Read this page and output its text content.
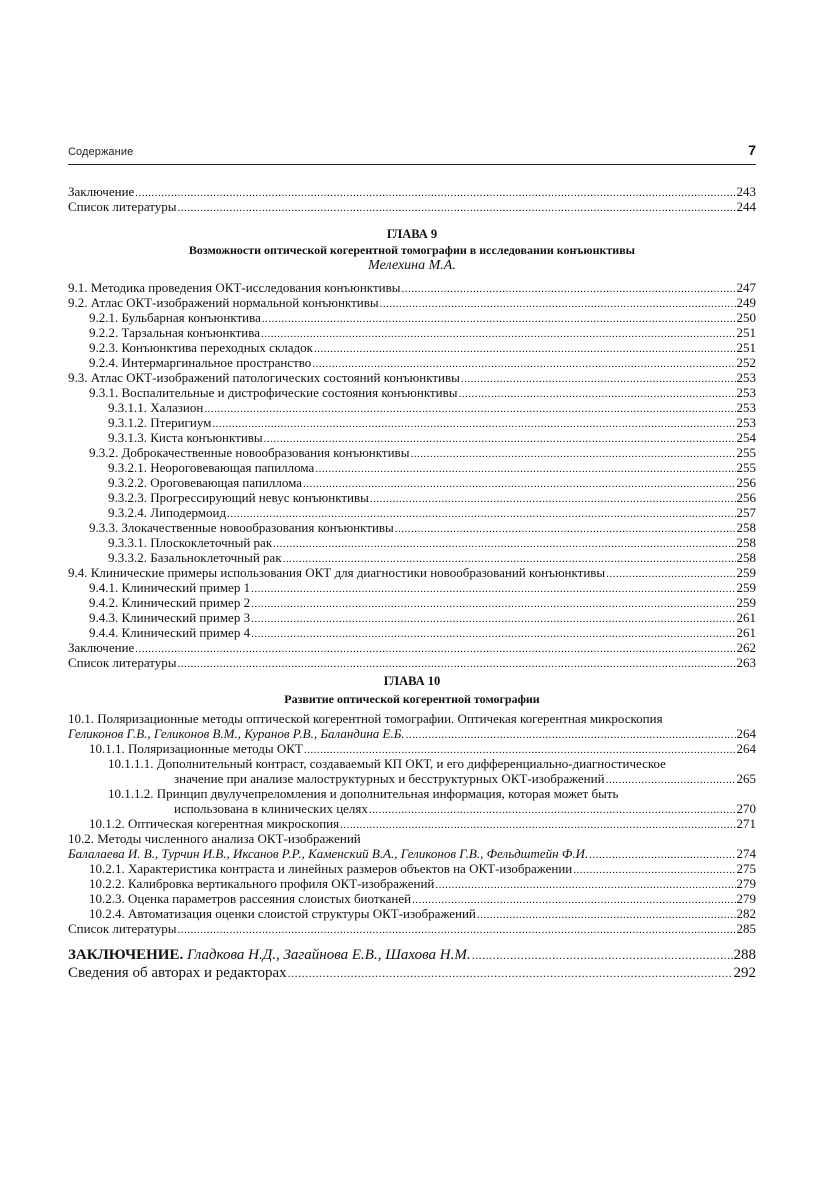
Содержание	7
Заключение .....	243
Список литературы .....	244
ГЛАВА 9
Возможности оптической когерентной томографии в исследовании конъюнктивы
Мелехина М.А.
9.1. Методика проведения ОКТ-исследования конъюнктивы .....	247
9.2. Атлас ОКТ-изображений нормальной конъюнктивы .....	249
9.2.1. Бульбарная конъюнктива .....	250
9.2.2. Тарзальная конъюнктива .....	251
9.2.3. Конъюнктива переходных складок .....	251
9.2.4. Интермаргинальное пространство .....	252
9.3. Атлас ОКТ-изображений патологических состояний конъюнктивы .....	253
9.3.1. Воспалительные и дистрофические состояния конъюнктивы .....	253
9.3.1.1. Халазион .....	253
9.3.1.2. Птеригиум .....	253
9.3.1.3. Киста конъюнктивы .....	254
9.3.2. Доброкачественные новообразования конъюнктивы .....	255
9.3.2.1. Неороговевающая папиллома .....	255
9.3.2.2. Ороговевающая папиллома .....	256
9.3.2.3. Прогрессирующий невус конъюнктивы .....	256
9.3.2.4. Липодермоид .....	257
9.3.3. Злокачественные новообразования конъюнктивы .....	258
9.3.3.1. Плоскоклеточный рак .....	258
9.3.3.2. Базальноклеточный рак .....	258
9.4. Клинические примеры использования ОКТ для диагностики новообразований конъюнктивы .....	259
9.4.1. Клинический пример 1 .....	259
9.4.2. Клинический пример 2 .....	259
9.4.3. Клинический пример 3 .....	261
9.4.4. Клинический пример 4 .....	261
Заключение .....	262
Список литературы .....	263
ГЛАВА 10
Развитие оптической когерентной томографии
10.1. Поляризационные методы оптической когерентной томографии. Оптичекая когерентная микроскопия
Геликонов Г.В., Геликонов В.М., Куранов Р.В., Баландина Е.Б. .....	264
10.1.1. Поляризационные методы ОКТ .....	264
10.1.1.1. Дополнительный контраст, создаваемый КП ОКТ, и его дифференциально-диагностическое
значение при анализе малоструктурных и бесструктурных ОКТ-изображений .....	265
10.1.1.2. Принцип двулучепреломления и дополнительная информация, которая может быть
использована в клинических целях .....	270
10.1.2. Оптическая когерентная микроскопия .....	271
10.2. Методы численного анализа ОКТ-изображений
Балалаева И. В., Турчин И.В., Иксанов Р.Р., Каменский В.А., Геликонов Г.В., Фельдштейн Ф.И. .....	274
10.2.1. Характеристика контраста и линейных размеров объектов на ОКТ-изображении .....	275
10.2.2. Калибровка вертикального профиля ОКТ-изображений .....	279
10.2.3. Оценка параметров рассеяния слоистых биотканей .....	279
10.2.4. Автоматизация оценки слоистой структуры ОКТ-изображений .....	282
Список литературы .....	285
ЗАКЛЮЧЕНИЕ. Гладкова Н.Д., Загайнова Е.В., Шахова Н.М. .....	288
Сведения об авторах и редакторах .....	292
